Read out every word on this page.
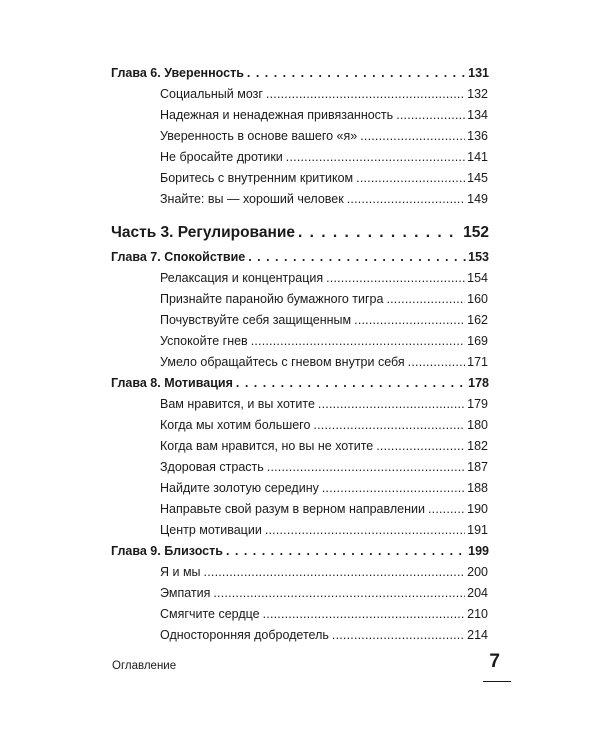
Глава 6. Уверенность . . .	131
Социальный мозг .....	132
Надежная и ненадежная привязанность .....	134
Уверенность в основе вашего «я» .....	136
Не бросайте дротики .....	141
Боритесь с внутренним критиком .....	145
Знайте: вы — хороший человек .....	149
Часть 3. Регулирование . . .	152
Глава 7. Спокойствие . . .	153
Релаксация и концентрация .....	154
Признайте паранойю бумажного тигра .....	160
Почувствуйте себя защищенным .....	162
Успокойте гнев .....	169
Умело обращайтесь с гневом внутри себя .....	171
Глава 8. Мотивация . . .	178
Вам нравится, и вы хотите .....	179
Когда мы хотим большего .....	180
Когда вам нравится, но вы не хотите .....	182
Здоровая страсть .....	187
Найдите золотую середину .....	188
Направьте свой разум в верном направлении .....	190
Центр мотивации .....	191
Глава 9. Близость . . .	199
Я и мы .....	200
Эмпатия .....	204
Смягчите сердце .....	210
Односторонняя добродетель .....	214
Оглавление	7
